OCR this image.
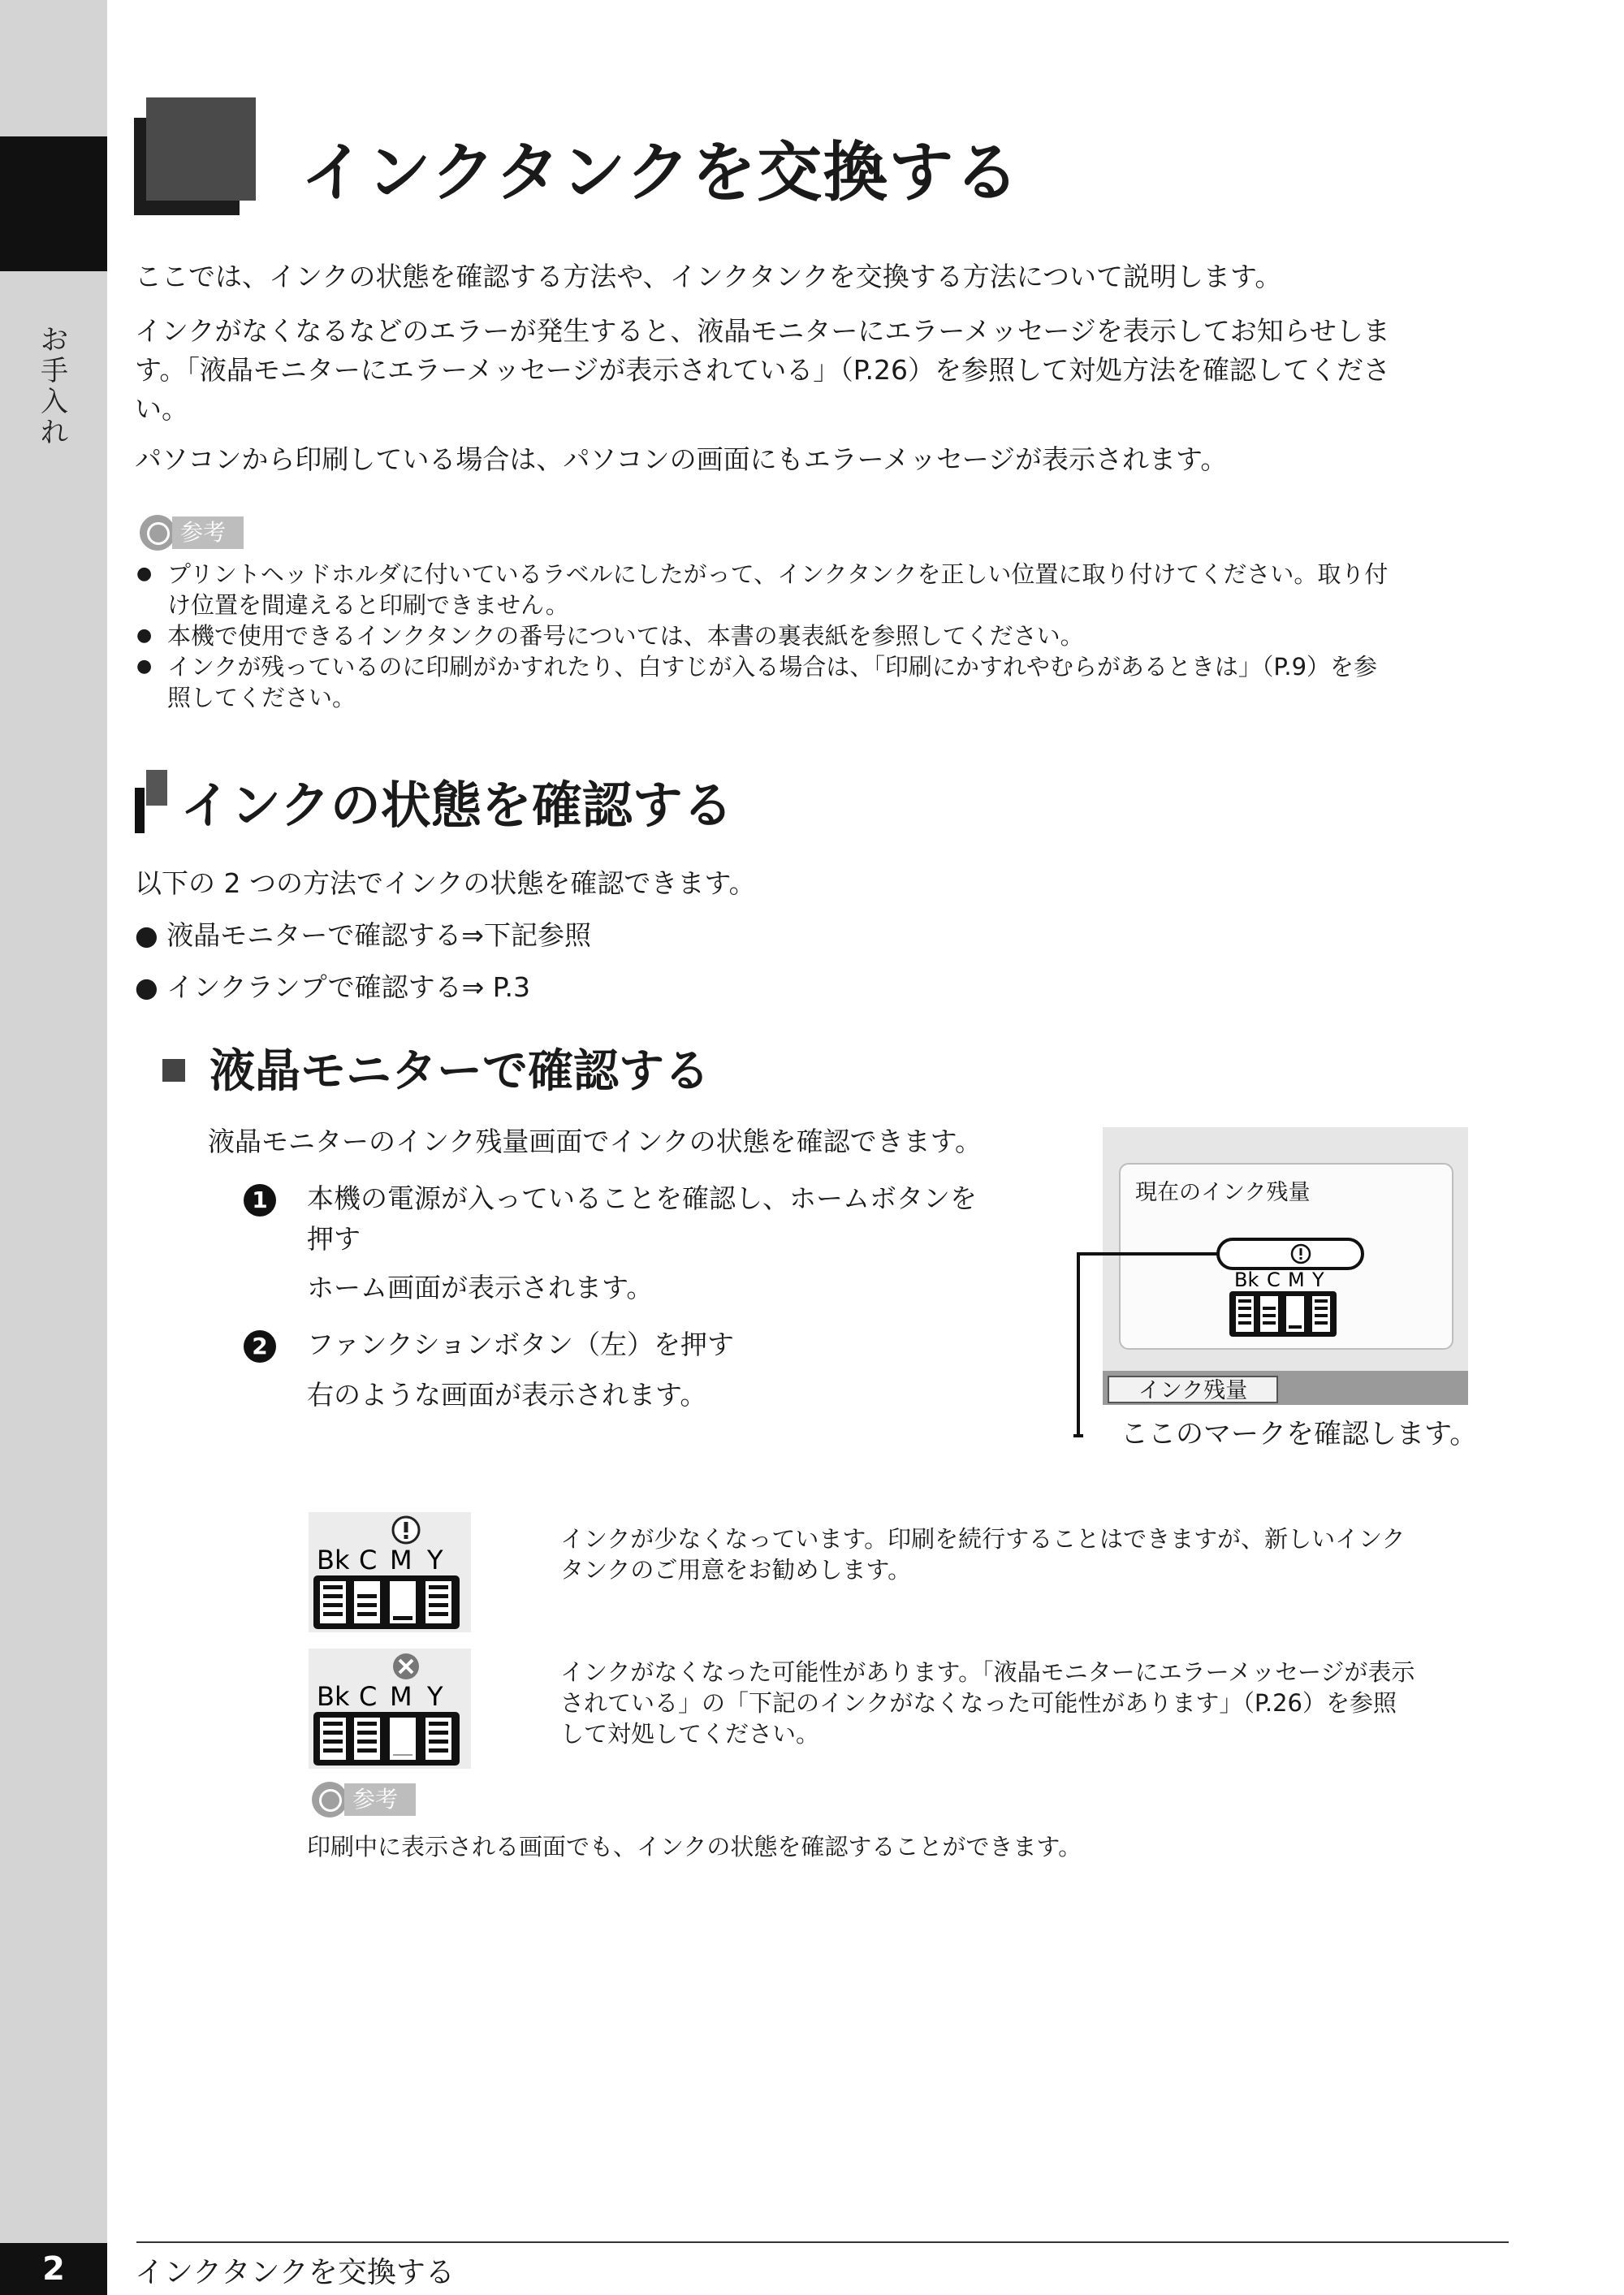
お
手
入
れ
インクタンクを交換する
ここでは、インクの状態を確認する方法や、インクタンクを交換する方法について説明します。
インクがなくなるなどのエラーが発生すると、液晶モニターにエラーメッセージを表示してお知らせしま
す。「液晶モニターにエラーメッセージが表示されている」（P.26）を参照して対処方法を確認してくださ
い。
パソコンから印刷している場合は、パソコンの画面にもエラーメッセージが表示されます。
参考
● プリントヘッドホルダに付いているラベルにしたがって、インクタンクを正しい位置に取り付けてください。取り付
け位置を間違えると印刷できません。
● 本機で使用できるインクタンクの番号については、本書の裏表紙を参照してください。
● インクが残っているのに印刷がかすれたり、白すじが入る場合は、「印刷にかすれやむらがあるときは」（P.9）を参
照してください。
インクの状態を確認する
以下の 2 つの方法でインクの状態を確認できます。
● 液晶モニターで確認する⇒下記参照
● インクランプで確認する⇒ P.3
液晶モニターで確認する
液晶モニターのインク残量画面でインクの状態を確認できます。
1	本機の電源が入っていることを確認し、ホームボタンを
押す
ホーム画面が表示されます。
2	ファンクションボタン（左）を押す
右のような画面が表示されます。
現在のインク残量
インク残量
Bk C M Y
ここのマークを確認します。
Bk C M Y
インクが少なくなっています。印刷を続行することはできますが、新しいインク
タンクのご用意をお勧めします。
Bk C M Y
インクがなくなった可能性があります。「液晶モニターにエラーメッセージが表示
されている」の「下記のインクがなくなった可能性があります」（P.26）を参照
して対処してください。
参考
印刷中に表示される画面でも、インクの状態を確認することができます。
2	インクタンクを交換する
